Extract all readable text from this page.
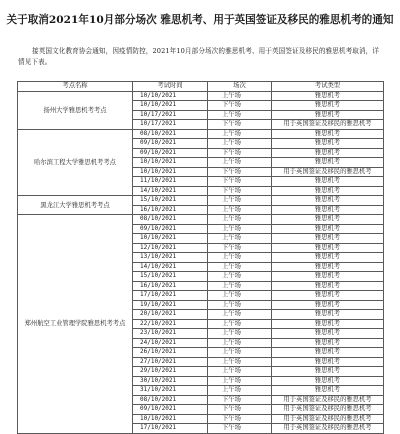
关于取消2021年10月部分场次 雅思机考、用于英国签证及移民的雅思机考的通知
接英国文化教育协会通知，因疫情防控，2021年10月部分场次的雅思机考、用于英国签证及移民的雅思机考取消，详情见下表。
考点名称	考试时间	场次	考试类型
扬州大学雅思机考考点	10/10/2021	上午场	雅思机考
	10/10/2021	下午场	雅思机考
	10/17/2021	上午场	雅思机考
	10/17/2021	下午场	用于英国签证及移民的雅思机考
哈尔滨工程大学雅思机考考点	08/10/2021	上午场	雅思机考
	09/10/2021	上午场	雅思机考
	09/10/2021	下午场	雅思机考
	10/10/2021	上午场	雅思机考
	10/10/2021	下午场	用于英国签证及移民的雅思机考
	11/10/2021	下午场	雅思机考
	14/10/2021	下午场	雅思机考
黑龙江大学雅思机考考点	15/10/2021	上午场	雅思机考
	16/10/2021	上午场	雅思机考
郑州航空工业管理学院雅思机考考点	08/10/2021	上午场	雅思机考
	09/10/2021	上午场	雅思机考
	10/10/2021	上午场	雅思机考
	12/10/2021	下午场	雅思机考
	13/10/2021	上午场	雅思机考
	14/10/2021	上午场	雅思机考
	15/10/2021	上午场	雅思机考
	16/10/2021	上午场	雅思机考
	17/10/2021	上午场	雅思机考
	19/10/2021	上午场	雅思机考
	20/10/2021	上午场	雅思机考
	22/10/2021	上午场	雅思机考
	23/10/2021	上午场	雅思机考
	24/10/2021	上午场	雅思机考
	26/10/2021	上午场	雅思机考
	27/10/2021	上午场	雅思机考
	29/10/2021	上午场	雅思机考
	30/10/2021	上午场	雅思机考
	31/10/2021	上午场	雅思机考
	08/10/2021	下午场	用于英国签证及移民的雅思机考
	09/10/2021	下午场	用于英国签证及移民的雅思机考
	10/10/2021	下午场	用于英国签证及移民的雅思机考
	17/10/2021	下午场	用于英国签证及移民的雅思机考
